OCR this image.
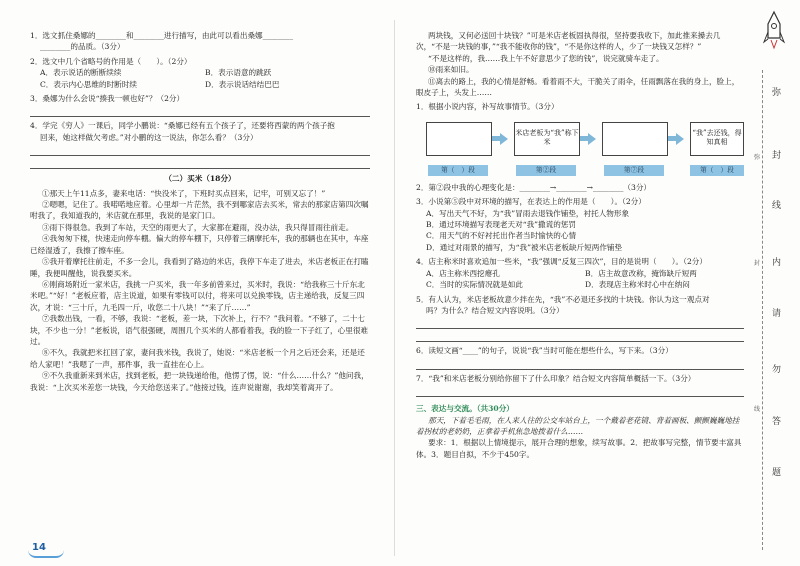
1．选文抓住桑娜的________和________进行描写，由此可以看出桑娜________

________的品质。（3分）

2．选文中几个省略号的作用是（　　）。（2分）

A．表示说话的断断续续	B．表示语意的跳跃
C．表示内心思维的时断时续	D．表示说话结结巴巴

3．桑娜为什么会说“揍我一顿也好”？（2分）

4．学完《穷人》一课后，同学小鹏说：“桑娜已经有五个孩子了，还要将西蒙的两个孩子抱

回来，她这样做欠考虑。”对小鹏的这一说法，你怎么看？（3分）

（二）买米（18分）

①那天上午11点多，妻来电话：“快没米了，下班时买点回来，记牢，可别又忘了！”

②嗯嗯，记住了。我喏喏地应着。心里却一片茫然，我不到哪家店去买米，常去的那家店第四次嘱咐我了，我知道我的，米店就在那里，我说的是家门口。

③雨下得很急。我到了车站，天空的雨更大了，大家都在避雨，没办法，我只得冒雨往前走。

④我匆匆下楼，快速走向停车棚。偏大的停车棚下，只停着三辆摩托车，我的那辆也在其中，车座已经湿透了，我擦了擦车座。

⑤我开着摩托往前走，不多一会儿，我看到了路边的米店，我停下车走了进去，米店老板正在打瞌睡，我便叫醒他，说我要买米。

⑥刚商场附近一家米店，我挑一户买米，我一年多前曾来过，买米时，我说：“给我称三十斤东北米吧。”“好！”老板应着，店主说道，如果有零钱可以付，将来可以兑换零钱，店主递给我，反复三四次，才说：“三十斤，九毛四一斤，收您二十八块！”“来了斤……”

⑦我数出钱，一看，不够，我说：“老板，差一块，下次补上，行不？”我问着。“不够了，二十七块，不少也一分！”老板说，语气很强硬，周围几个买米的人都看着我，我的脸一下子红了，心里很难过。

⑧不久，我就把米扛回了家，妻问我米钱，我说了，她说：“米店老板一个月之后还会来，还是还给人家吧！”我嗯了一声，那件事，我一直挂在心上。

⑨不久我重新来到米店，找到老板，把一块钱递给他，他愣了愣，说：“什么……什么？”他问我，我说：“上次买米差您一块钱，今天给您送来了。”他接过钱，连声说谢谢，我却笑着离开了。

两块钱，又何必送回十块钱？”可是米店老板固执得很，坚持要我收下，加此推来搡去几次，“不是一块钱的事，”“我不能收你的钱”，“不是你这样的人，少了一块钱又怎样？”

“不是这样的，我……我上午不好意思少了您的钱”，说完就骑车走了。

⑩雨来如旧。

⑪离去的路上，我的心情是舒畅。看着雨不大，干脆关了雨伞，任雨飘落在我的身上，脸上，眼皮子上，头发上……

1．根据小说内容，补写故事情节。（3分）

米店老板为“我”称下米
“我”去还钱，得知真相
第（　）段	第②段	第⑦段	第（　）段

2．第②段中我的心理变化是：________→________→________（3分）

3．小说第⑤段中对环境的描写，在表达上的作用是（　　）。（2分）

A．写出天气不好，为“我”冒雨去退钱作铺垫，衬托人物形象

B．通过环境描写表现老天对“我”撒谎的惩罚

C．用天气的不好衬托出作者当时愉快的心情

D．通过对雨景的描写，为“我”被米店老板缺斤短两作铺垫

4．店主称米时喜欢追加一些米，“我”强调“反复三四次”，目的是说明（　　）。（2分）

A．店主称米西挖瘪孔	B．店主故意改称，掩饰缺斤短两
C．当时的实际情况就是如此	D．表现店主称米时心中在纳闷

5．有人认为，米店老板故意少拌在先，“我”不必退还多找的十块钱。你认为这一观点对

吗？为什么？结合短文内容说明。（3分）

6．读短文画“____”的句子，说说“我”当时可能在想些什么，写下来。（3分）

7．“我”和米店老板分别给你留下了什么印象？结合短文内容简单概括一下。（3分）

三、表达与交流。（共30分）

那天，下着毛毛雨，在人来人往的公交车站台上，一个戴着老花镜、背着画板、颤颤巍巍地挂着拐杖的老奶奶，正拿着手机焦急地拨着什么……

要求：1．根据以上情境提示，展开合理的想象，续写故事。2．把故事写完整，情节要丰富具体。3．题目自拟，不少于450字。

弥
封
线
内
请
勿
答
题
弥
封
线
14
